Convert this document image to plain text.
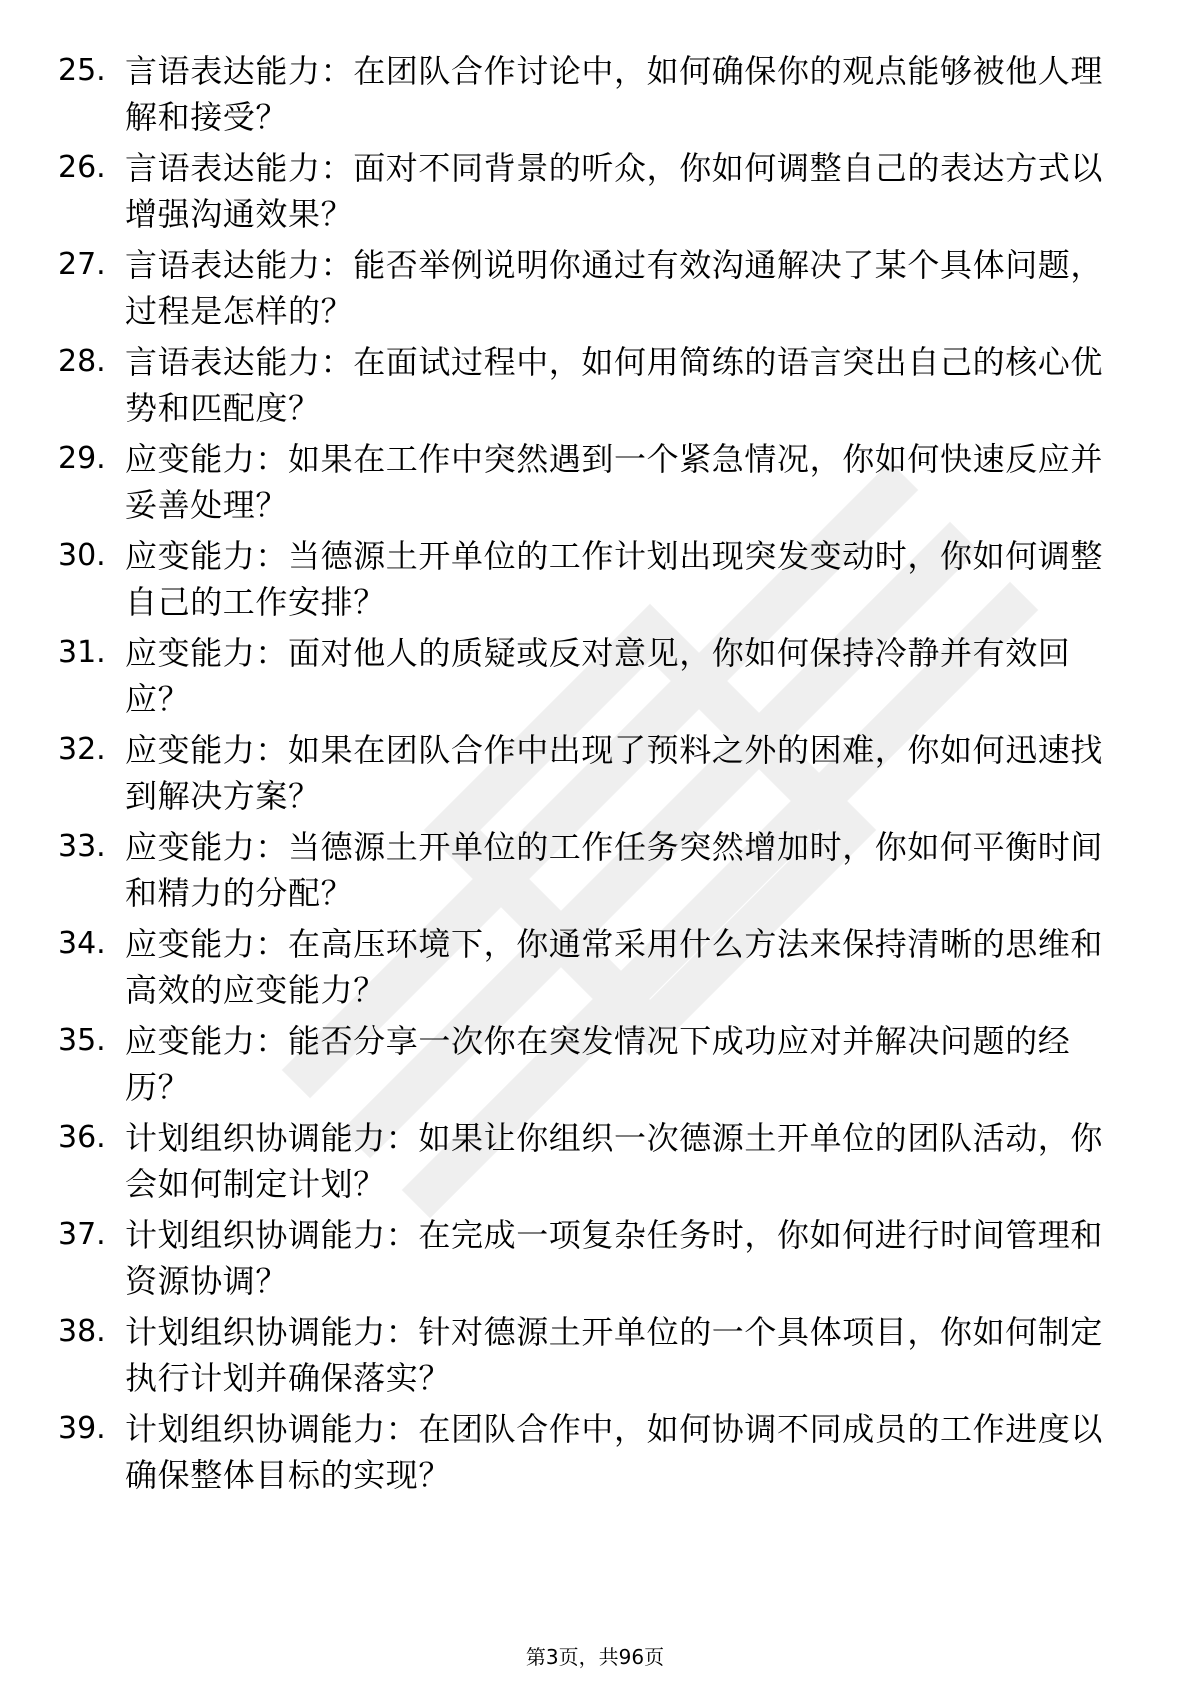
25. 言语表达能力：在团队合作讨论中，如何确保你的观点能够被他人理解和接受？
26. 言语表达能力：面对不同背景的听众，你如何调整自己的表达方式以增强沟通效果？
27. 言语表达能力：能否举例说明你通过有效沟通解决了某个具体问题，过程是怎样的？
28. 言语表达能力：在面试过程中，如何用简练的语言突出自己的核心优势和匹配度？
29. 应变能力：如果在工作中突然遇到一个紧急情况，你如何快速反应并妥善处理？
30. 应变能力：当德源土开单位的工作计划出现突发变动时，你如何调整自己的工作安排？
31. 应变能力：面对他人的质疑或反对意见，你如何保持冷静并有效回应？
32. 应变能力：如果在团队合作中出现了预料之外的困难，你如何迅速找到解决方案？
33. 应变能力：当德源土开单位的工作任务突然增加时，你如何平衡时间和精力的分配？
34. 应变能力：在高压环境下，你通常采用什么方法来保持清晰的思维和高效的应变能力？
35. 应变能力：能否分享一次你在突发情况下成功应对并解决问题的经历？
36. 计划组织协调能力：如果让你组织一次德源土开单位的团队活动，你会如何制定计划？
37. 计划组织协调能力：在完成一项复杂任务时，你如何进行时间管理和资源协调？
38. 计划组织协调能力：针对德源土开单位的一个具体项目，你如何制定执行计划并确保落实？
39. 计划组织协调能力：在团队合作中，如何协调不同成员的工作进度以确保整体目标的实现？
第3页，共96页
